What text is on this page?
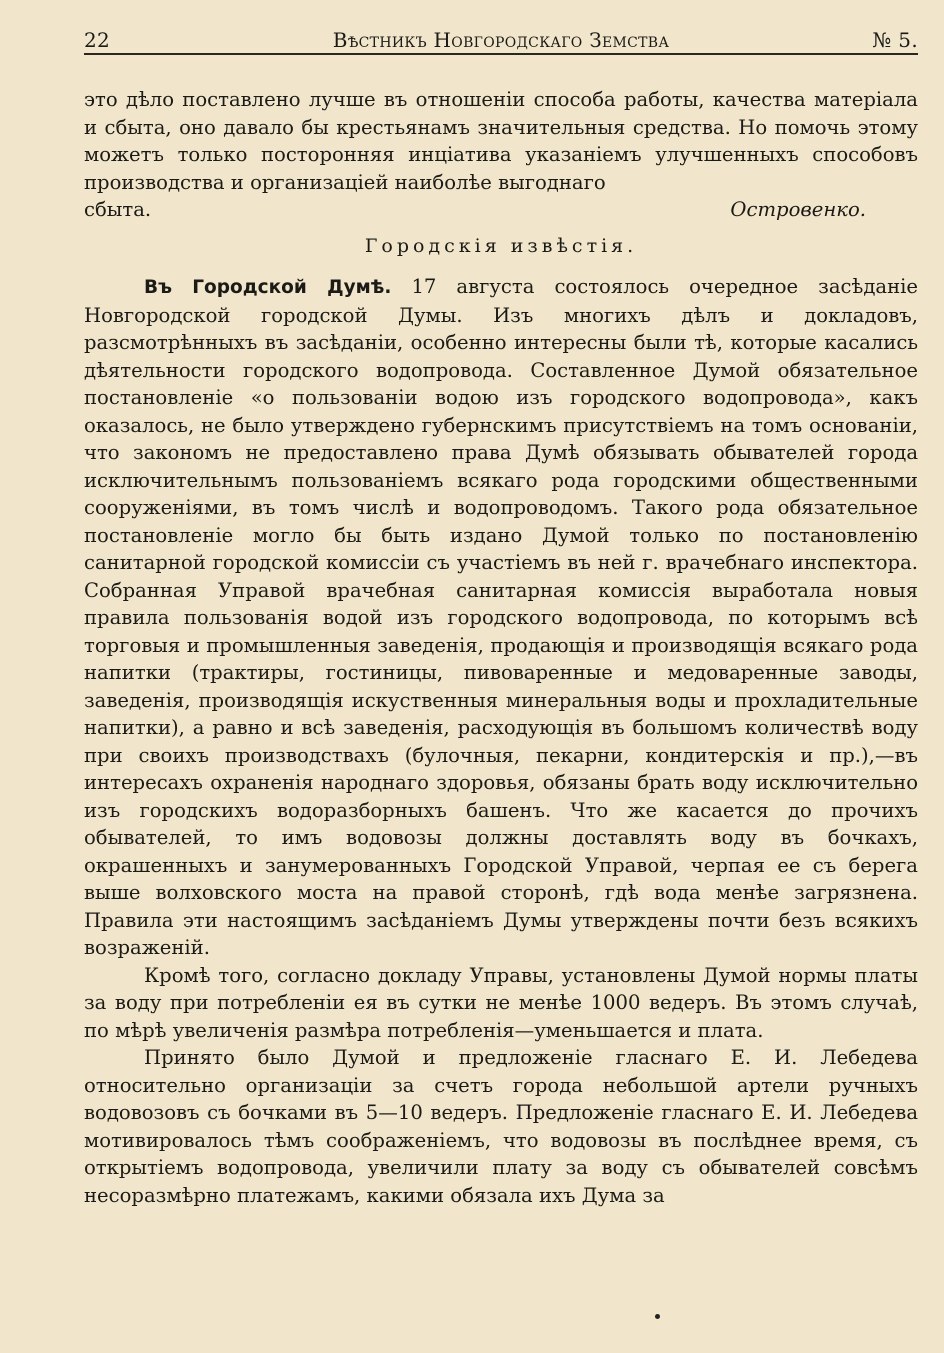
22	Вѣстникъ Новгородскаго Земства	№ 5.

это дѣло поставлено лучше въ отношеніи способа работы, качества матеріала и сбыта, оно давало бы крестьянамъ значительныя средства. Но помочь этому можетъ только посторонняя инціатива указаніемъ улучшенныхъ способовъ производства и организаціей наиболѣе выгоднаго

сбыта.	Островенко.

Городскія извѣстія.

Въ Городской Думѣ. 17 августа состоялось очередное засѣданіе Новгородской городской Думы. Изъ многихъ дѣлъ и докладовъ, разсмотрѣнныхъ въ засѣданіи, особенно интересны были тѣ, которые касались дѣятельности городского водопровода. Составленное Думой обязательное постановленіе «о пользованіи водою изъ городского водопровода», какъ оказалось, не было утверждено губернскимъ присутствіемъ на томъ основаніи, что закономъ не предоставлено права Думѣ обязывать обывателей города исключительнымъ пользованіемъ всякаго рода городскими общественными сооруженіями, въ томъ числѣ и водопроводомъ. Такого рода обязательное постановленіе могло бы быть издано Думой только по постановленію санитарной городской комиссіи съ участіемъ въ ней г. врачебнаго инспектора. Собранная Управой врачебная санитарная комиссія выработала новыя правила пользованія водой изъ городского водопровода, по которымъ всѣ торговыя и промышленныя заведенія, продающія и производящія всякаго рода напитки (трактиры, гостиницы, пивоваренные и медоваренные заводы, заведенія, производящія искуственныя минеральныя воды и прохладительные напитки), а равно и всѣ заведенія, расходующія въ большомъ количествѣ воду при своихъ производствахъ (булочныя, пекарни, кондитерскія и пр.),—въ интересахъ охраненія народнаго здоровья, обязаны брать воду исключительно изъ городскихъ водоразборныхъ башенъ. Что же касается до прочихъ обывателей, то имъ водовозы должны доставлять воду въ бочкахъ, окрашенныхъ и занумерованныхъ Городской Управой, черпая ее съ берега выше волховского моста на правой сторонѣ, гдѣ вода менѣе загрязнена. Правила эти настоящимъ засѣданіемъ Думы утверждены почти безъ всякихъ возраженій.

Кромѣ того, согласно докладу Управы, установлены Думой нормы платы за воду при потребленіи ея въ сутки не менѣе 1000 ведеръ. Въ этомъ случаѣ, по мѣрѣ увеличенія размѣра потребленія—уменьшается и плата.

Принято было Думой и предложеніе гласнаго Е. И. Лебедева относительно организаціи за счетъ города небольшой артели ручныхъ водовозовъ съ бочками въ 5—10 ведеръ. Предложеніе гласнаго Е. И. Лебедева мотивировалось тѣмъ соображеніемъ, что водовозы въ послѣднее время, съ открытіемъ водопровода, увеличили плату за воду съ обывателей совсѣмъ несоразмѣрно платежамъ, какими обязала ихъ Дума за
